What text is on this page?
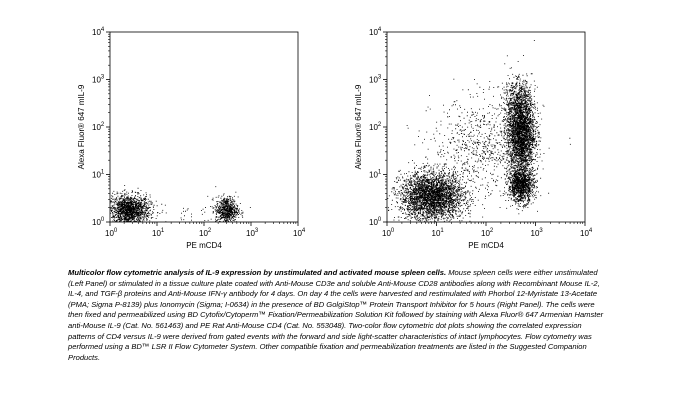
$10^0$	$10^1$	$10^2$	$10^3$	$10^4$
$10^0$
$10^1$
$10^2$
$10^3$
$10^4$
PE mCD4
Alexa Fluor® 647 mIL-9
$10^0$	$10^1$	$10^2$	$10^3$	$10^4$
$10^0$
$10^1$
$10^2$
$10^3$
$10^4$
PE mCD4
Alexa Fluor® 647 mIL-9
Multicolor flow cytometric analysis of IL-9 expression by unstimulated and activated mouse spleen cells. Mouse spleen cells were either unstimulated (Left Panel) or stimulated in a tissue culture plate coated with Anti-Mouse CD3e and soluble Anti-Mouse CD28 antibodies along with Recombinant Mouse IL-2, IL-4, and TGF-β proteins and Anti-Mouse IFN-γ antibody for 4 days. On day 4 the cells were harvested and restimulated with Phorbol 12-Myristate 13-Acetate (PMA; Sigma P-8139) plus Ionomycin (Sigma; I-0634) in the presence of BD GolgiStop™ Protein Transport Inhibitor for 5 hours (Right Panel). The cells were then fixed and permeabilized using BD Cytofix/Cytoperm™ Fixation/Permeabilization Solution Kit followed by staining with Alexa Fluor® 647 Armenian Hamster anti-Mouse IL-9 (Cat. No. 561463) and PE Rat Anti-Mouse CD4 (Cat. No. 553048). Two-color flow cytometric dot plots showing the correlated expression patterns of CD4 versus IL-9 were derived from gated events with the forward and side light-scatter characteristics of intact lymphocytes. Flow cytometry was performed using a BD™ LSR II Flow Cytometer System. Other compatible fixation and permeabilization treatments are listed in the Suggested Companion Products.
